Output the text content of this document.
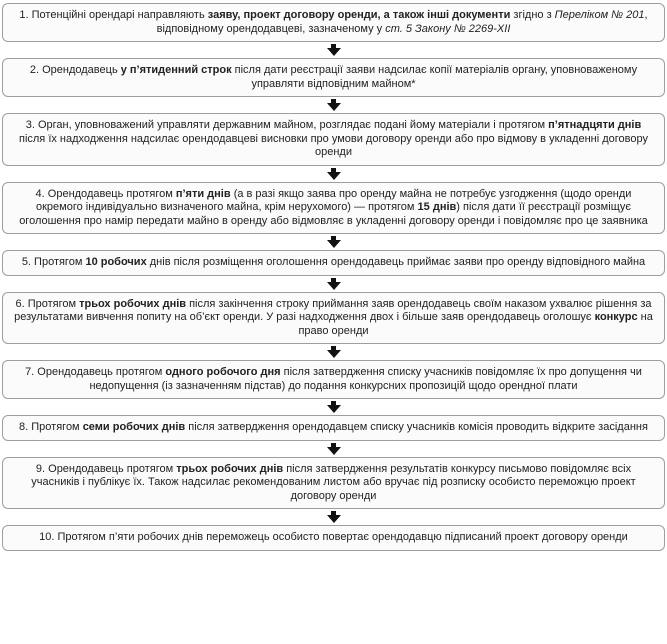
1. Потенційні орендарі направляють заяву, проект договору оренди, а також інші документи згідно з Переліком № 201, відповідному орендодавцеві, зазначеному у ст. 5 Закону № 2269-XII

2. Орендодавець у п’ятиденний строк після дати реєстрації заяви надсилає копії матеріалів органу, уповноваженому управляти відповідним майном*

3. Орган, уповноважений управляти державним майном, розглядає подані йому матеріали і протягом п’ятнадцяти днів після їх надходження надсилає орендодавцеві висновки про умови договору оренди або про відмову в укладенні договору оренди

4. Орендодавець протягом п’яти днів (а в разі якщо заява про оренду майна не потребує узгодження (щодо оренди окремого індивідуально визначеного майна, крім нерухомого) — протягом 15 днів) після дати її реєстрації розміщує оголошення про намір передати майно в оренду або відмовляє в укладенні договору оренди і повідомляє про це заявника

5. Протягом 10 робочих днів після розміщення оголошення орендодавець приймає заяви про оренду відповідного майна

6. Протягом трьох робочих днів після закінчення строку приймання заяв орендодавець своїм наказом ухвалює рішення за результатами вивчення попиту на об’єкт оренди. У разі надходження двох і більше заяв орендодавець оголошує конкурс на право оренди

7. Орендодавець протягом одного робочого дня після затвердження списку учасників повідомляє їх про допущення чи недопущення (із зазначенням підстав) до подання конкурсних пропозицій щодо орендної плати

8. Протягом семи робочих днів після затвердження орендодавцем списку учасників комісія проводить відкрите засідання

9. Орендодавець протягом трьох робочих днів після затвердження результатів конкурсу письмово повідомляє всіх учасників і публікує їх. Також надсилає рекомендованим листом або вручає під розписку особисто переможцю проект договору оренди

10. Протягом п’яти робочих днів переможець особисто повертає орендодавцю підписаний проект договору оренди
